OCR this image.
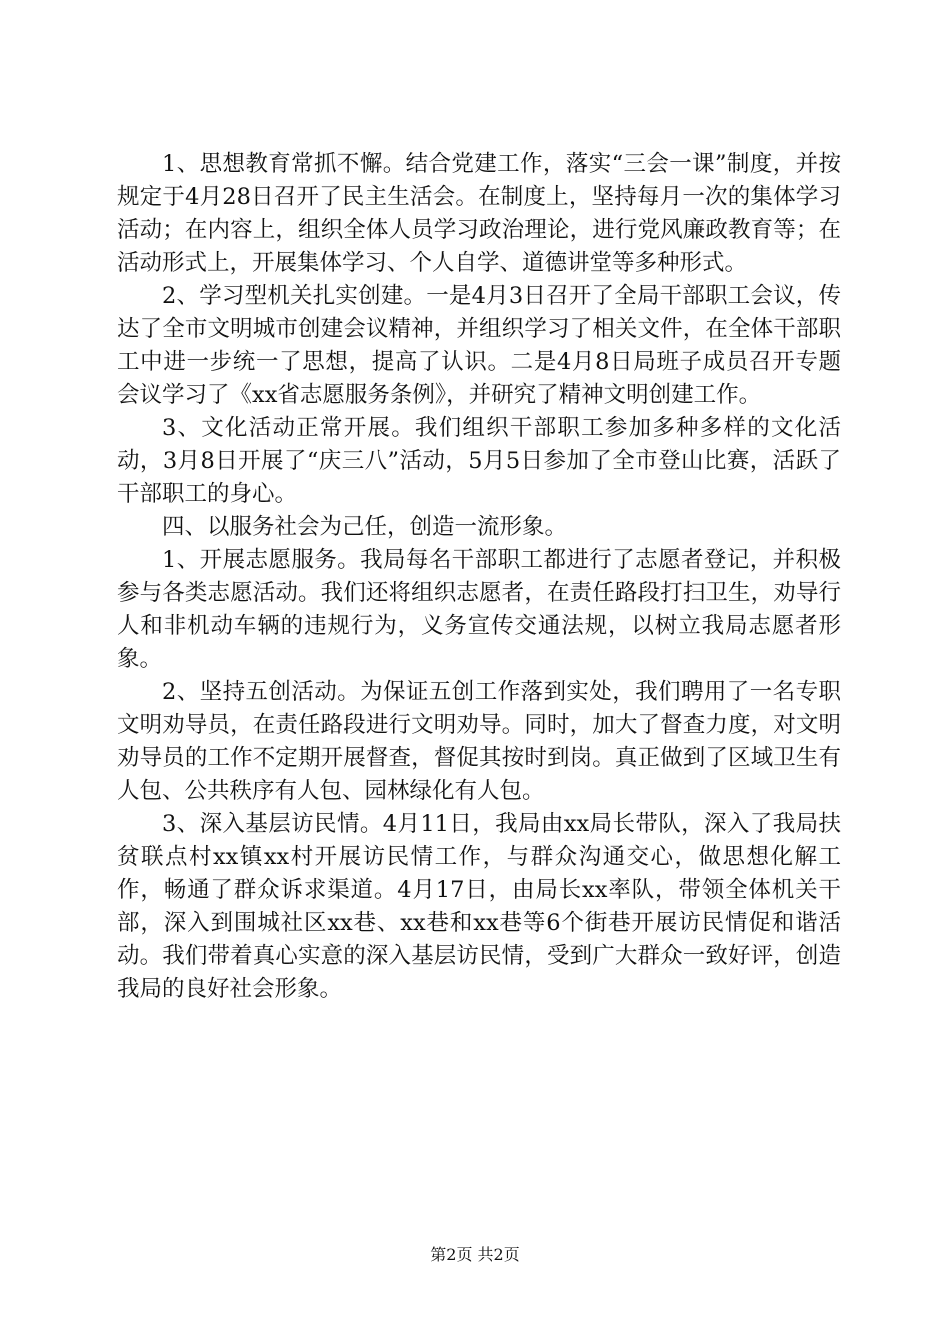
1、思想教育常抓不懈。结合党建工作，落实“三会一课”制度，并按规定于4月28日召开了民主生活会。在制度上，坚持每月一次的集体学习活动；在内容上，组织全体人员学习政治理论，进行党风廉政教育等；在活动形式上，开展集体学习、个人自学、道德讲堂等多种形式。

2、学习型机关扎实创建。一是4月3日召开了全局干部职工会议，传达了全市文明城市创建会议精神，并组织学习了相关文件，在全体干部职工中进一步统一了思想，提高了认识。二是4月8日局班子成员召开专题会议学习了《xx省志愿服务条例》，并研究了精神文明创建工作。

3、文化活动正常开展。我们组织干部职工参加多种多样的文化活动，3月8日开展了“庆三八”活动，5月5日参加了全市登山比赛，活跃了干部职工的身心。

四、以服务社会为己任，创造一流形象。

1、开展志愿服务。我局每名干部职工都进行了志愿者登记，并积极参与各类志愿活动。我们还将组织志愿者，在责任路段打扫卫生，劝导行人和非机动车辆的违规行为，义务宣传交通法规，以树立我局志愿者形象。

2、坚持五创活动。为保证五创工作落到实处，我们聘用了一名专职文明劝导员，在责任路段进行文明劝导。同时，加大了督查力度，对文明劝导员的工作不定期开展督查，督促其按时到岗。真正做到了区域卫生有人包、公共秩序有人包、园林绿化有人包。

3、深入基层访民情。4月11日，我局由xx局长带队，深入了我局扶贫联点村xx镇xx村开展访民情工作，与群众沟通交心，做思想化解工作，畅通了群众诉求渠道。4月17日，由局长xx率队，带领全体机关干部，深入到围城社区xx巷、xx巷和xx巷等6个街巷开展访民情促和谐活动。我们带着真心实意的深入基层访民情，受到广大群众一致好评，创造我局的良好社会形象。

第2页 共2页
